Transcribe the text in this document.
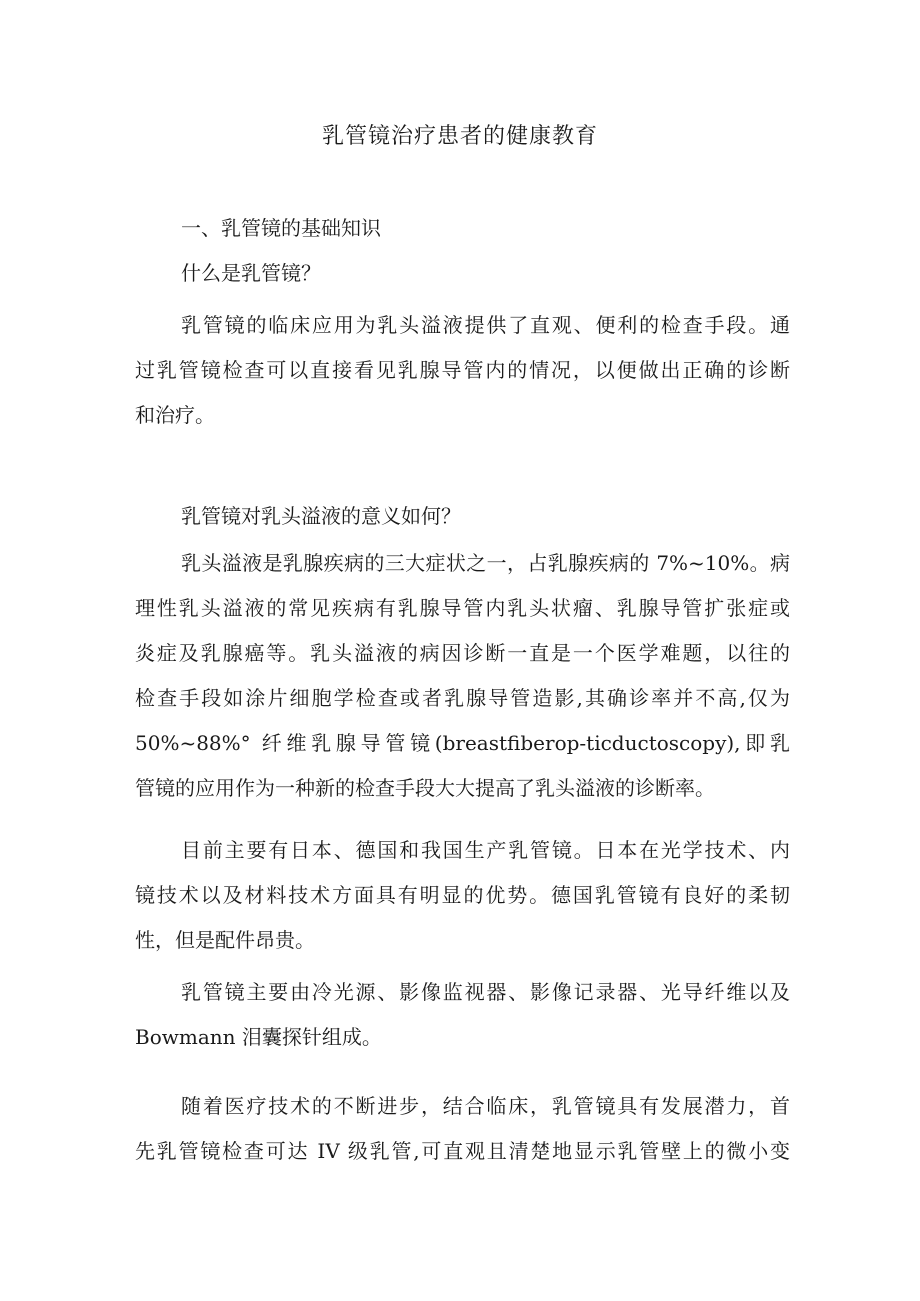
乳管镜治疗患者的健康教育
一、乳管镜的基础知识
什么是乳管镜？
乳管镜的临床应用为乳头溢液提供了直观、便利的检查手段。通
过乳管镜检查可以直接看见乳腺导管内的情况，以便做出正确的诊断
和治疗。
乳管镜对乳头溢液的意义如何？
乳头溢液是乳腺疾病的三大症状之一，占乳腺疾病的 7%~10%。病
理性乳头溢液的常见疾病有乳腺导管内乳头状瘤、乳腺导管扩张症或
炎症及乳腺癌等。乳头溢液的病因诊断一直是一个医学难题，以往的
检查手段如涂片细胞学检查或者乳腺导管造影,其确诊率并不高,仅为
50%~88%° 纤维乳腺导管镜(breastfiberop-ticductoscopy),即乳
管镜的应用作为一种新的检查手段大大提高了乳头溢液的诊断率。
目前主要有日本、德国和我国生产乳管镜。日本在光学技术、内
镜技术以及材料技术方面具有明显的优势。德国乳管镜有良好的柔韧
性，但是配件昂贵。
乳管镜主要由冷光源、影像监视器、影像记录器、光导纤维以及
Bowmann 泪囊探针组成。
随着医疗技术的不断进步，结合临床，乳管镜具有发展潜力，首
先乳管镜检查可达 IV 级乳管,可直观且清楚地显示乳管壁上的微小变
